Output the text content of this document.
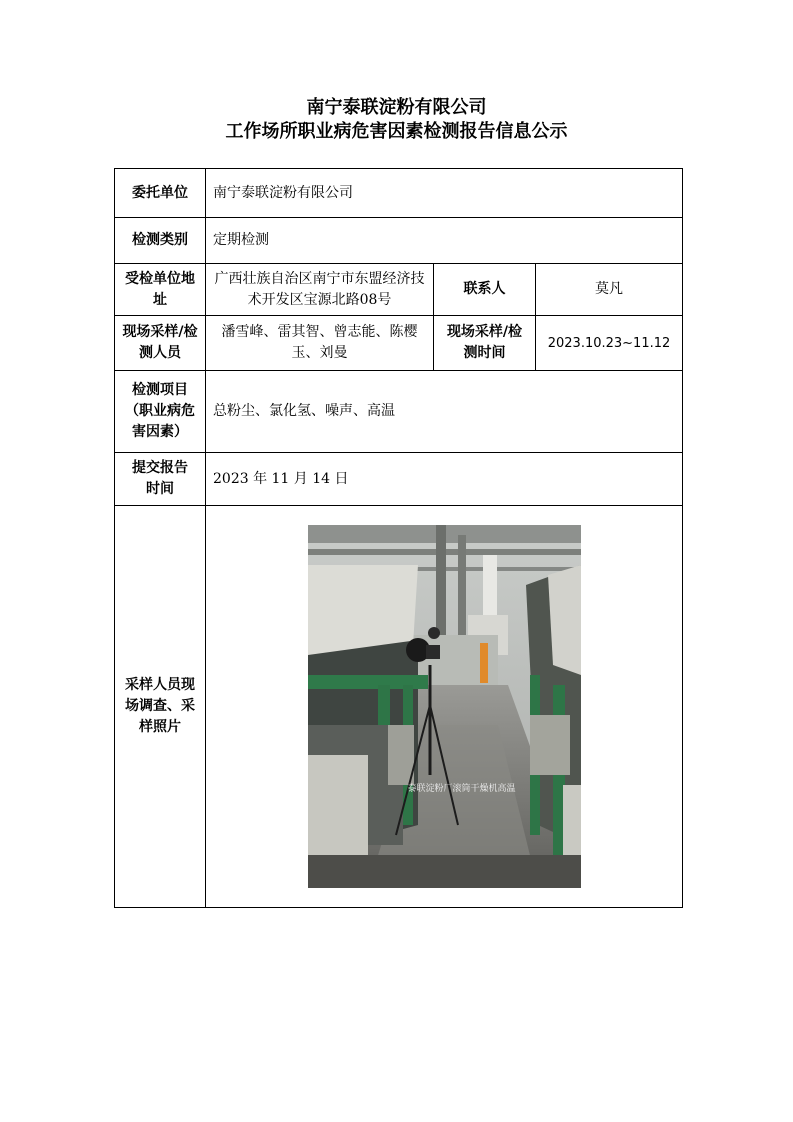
南宁泰联淀粉有限公司
工作场所职业病危害因素检测报告信息公示
委托单位	南宁泰联淀粉有限公司		
检测类别	定期检测		
受检单位地址	广西壮族自治区南宁市东盟经济技术开发区宝源北路08号	联系人	莫凡
现场采样/检测人员	潘雪峰、雷其智、曾志能、陈樱玉、刘曼	现场采样/检测时间	2023.10.23~11.12
检测项目（职业病危害因素）	总粉尘、氯化氢、噪声、高温		
提交报告时间	2023 年 11 月 14 日		
采样人员现场调查、采样照片	泰联淀粉厂滚筒干燥机高温		
